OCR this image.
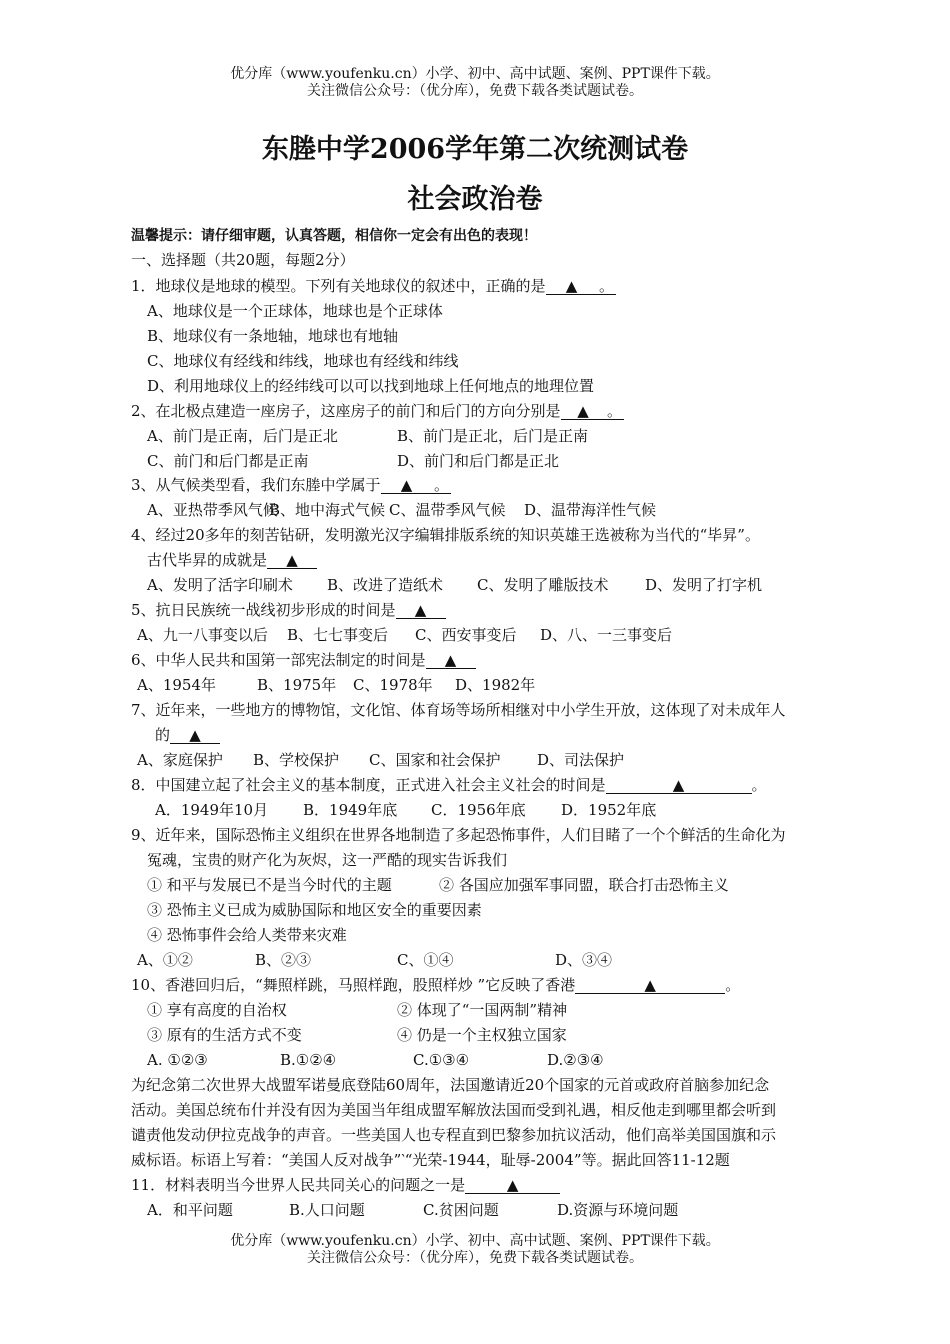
优分库（www.youfenku.cn）小学、初中、高中试题、案例、PPT课件下载。
关注微信公众号：（优分库），免费下载各类试题试卷。
东塍中学2006学年第二次统测试卷
社会政治卷
温馨提示：请仔细审题，认真答题，相信你一定会有出色的表现！
一、选择题（共20题，每题2分）
1．地球仪是地球的模型。下列有关地球仪的叙述中，正确的是 ▲ 。
A、地球仪是一个正球体，地球也是个正球体
B、地球仪有一条地轴，地球也有地轴
C、地球仪有经线和纬线，地球也有经线和纬线
D、利用地球仪上的经纬线可以可以找到地球上任何地点的地理位置
2、在北极点建造一座房子，这座房子的前门和后门的方向分别是 ▲ 。
A、前门是正南，后门是正北	B、前门是正北，后门是正南
C、前门和后门都是正南	D、前门和后门都是正北
3、从气候类型看，我们东塍中学属于 ▲ 。
A、亚热带季风气候B、地中海式气候 C、温带季风气候 D、温带海洋性气候
4、经过20多年的刻苦钻研，发明激光汉字编辑排版系统的知识英雄王选被称为当代的“毕昇”。
古代毕昇的成就是 ▲
A、发明了活字印刷术 B、改进了造纸术 C、发明了雕版技术 D、发明了打字机
5、抗日民族统一战线初步形成的时间是 ▲
A、九一八事变以后 B、七七事变后 C、西安事变后 D、八、一三事变后
6、中华人民共和国第一部宪法制定的时间是 ▲
A、1954年	B、1975年 C、1978年 D、1982年
7、近年来，一些地方的博物馆，文化馆、体育场等场所相继对中小学生开放，这体现了对未成年人
的 ▲
A、家庭保护 B、学校保护 C、国家和社会保护 D、司法保护
8．中国建立起了社会主义的基本制度，正式进入社会主义社会的时间是	▲	。
A．1949年10月 B．1949年底 C．1956年底 D．1952年底
9、近年来，国际恐怖主义组织在世界各地制造了多起恐怖事件，人们目睹了一个个鲜活的生命化为
冤魂，宝贵的财产化为灰烬，这一严酷的现实告诉我们
① 和平与发展已不是当今时代的主题	② 各国应加强军事同盟，联合打击恐怖主义
③ 恐怖主义已成为威胁国际和地区安全的重要因素
④ 恐怖事件会给人类带来灾难
A、①②	B、②③	C、①④	D、③④
10、香港回归后，“舞照样跳，马照样跑，股照样炒 ”它反映了香港	▲	。
① 享有高度的自治权	② 体现了“一国两制”精神
③ 原有的生活方式不变	④ 仍是一个主权独立国家
A. ①②③	B.①②④	C.①③④	D.②③④
为纪念第二次世界大战盟军诺曼底登陆60周年，法国邀请近20个国家的元首或政府首脑参加纪念
活动。美国总统布什并没有因为美国当年组成盟军解放法国而受到礼遇，相反他走到哪里都会听到
谴责他发动伊拉克战争的声音。一些美国人也专程直到巴黎参加抗议活动，他们高举美国国旗和示
威标语。标语上写着：“美国人反对战争”‵“光荣-1944，耻辱-2004”等。据此回答11-12题
11．材料表明当今世界人民共同关心的问题之一是	▲
A．和平问题	B.人口问题	C.贫困问题	D.资源与环境问题
优分库（www.youfenku.cn）小学、初中、高中试题、案例、PPT课件下载。
关注微信公众号：（优分库），免费下载各类试题试卷。
